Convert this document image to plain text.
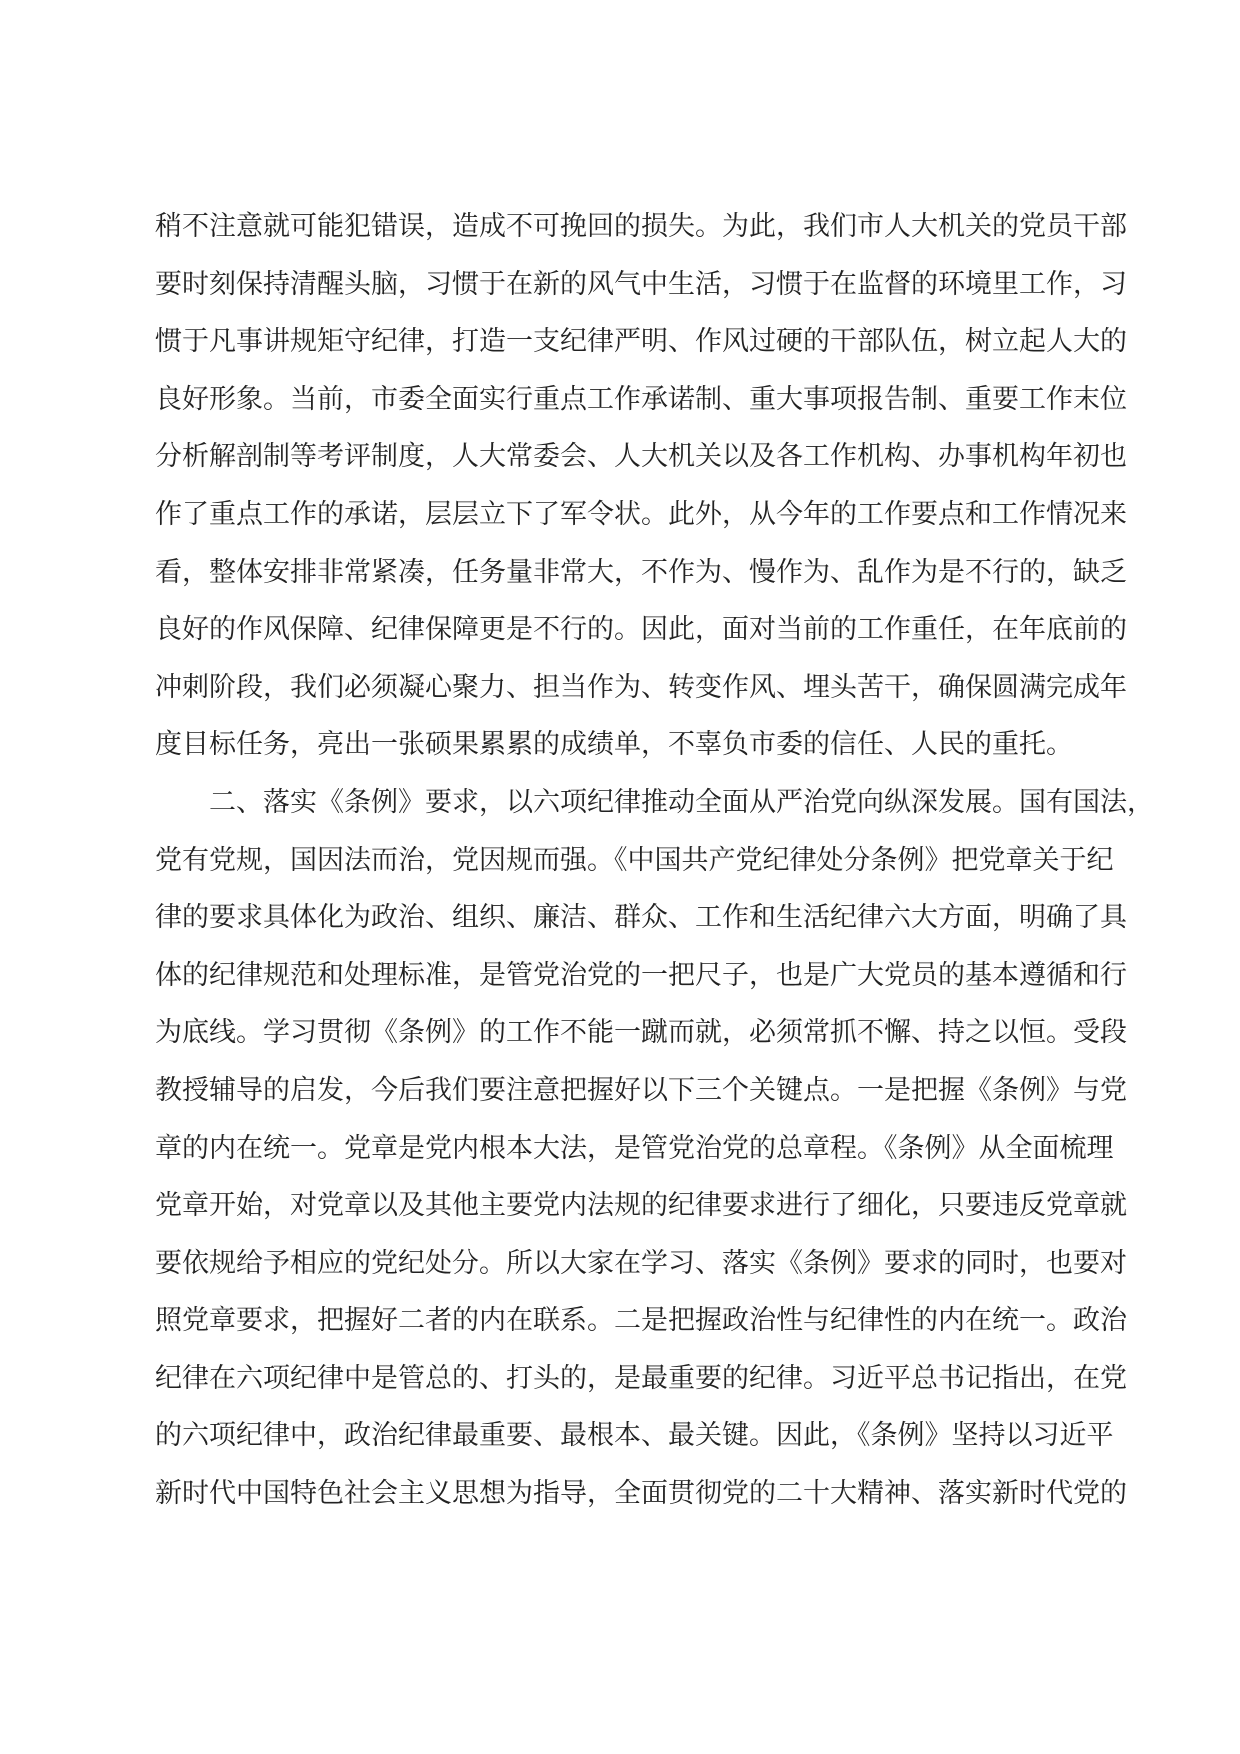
稍不注意就可能犯错误，造成不可挽回的损失。为此，我们市人大机关的党员干部
要时刻保持清醒头脑，习惯于在新的风气中生活，习惯于在监督的环境里工作，习
惯于凡事讲规矩守纪律，打造一支纪律严明、作风过硬的干部队伍，树立起人大的
良好形象。当前，市委全面实行重点工作承诺制、重大事项报告制、重要工作末位
分析解剖制等考评制度，人大常委会、人大机关以及各工作机构、办事机构年初也
作了重点工作的承诺，层层立下了军令状。此外，从今年的工作要点和工作情况来
看，整体安排非常紧凑，任务量非常大，不作为、慢作为、乱作为是不行的，缺乏
良好的作风保障、纪律保障更是不行的。因此，面对当前的工作重任，在年底前的
冲刺阶段，我们必须凝心聚力、担当作为、转变作风、埋头苦干，确保圆满完成年
度目标任务，亮出一张硕果累累的成绩单，不辜负市委的信任、人民的重托。
二、落实《条例》要求，以六项纪律推动全面从严治党向纵深发展。国有国法，
党有党规，国因法而治，党因规而强。《中国共产党纪律处分条例》把党章关于纪
律的要求具体化为政治、组织、廉洁、群众、工作和生活纪律六大方面，明确了具
体的纪律规范和处理标准，是管党治党的一把尺子，也是广大党员的基本遵循和行
为底线。学习贯彻《条例》的工作不能一蹴而就，必须常抓不懈、持之以恒。受段
教授辅导的启发，今后我们要注意把握好以下三个关键点。一是把握《条例》与党
章的内在统一。党章是党内根本大法，是管党治党的总章程。《条例》从全面梳理
党章开始，对党章以及其他主要党内法规的纪律要求进行了细化，只要违反党章就
要依规给予相应的党纪处分。所以大家在学习、落实《条例》要求的同时，也要对
照党章要求，把握好二者的内在联系。二是把握政治性与纪律性的内在统一。政治
纪律在六项纪律中是管总的、打头的，是最重要的纪律。习近平总书记指出，在党
的六项纪律中，政治纪律最重要、最根本、最关键。因此，《条例》坚持以习近平
新时代中国特色社会主义思想为指导，全面贯彻党的二十大精神、落实新时代党的
